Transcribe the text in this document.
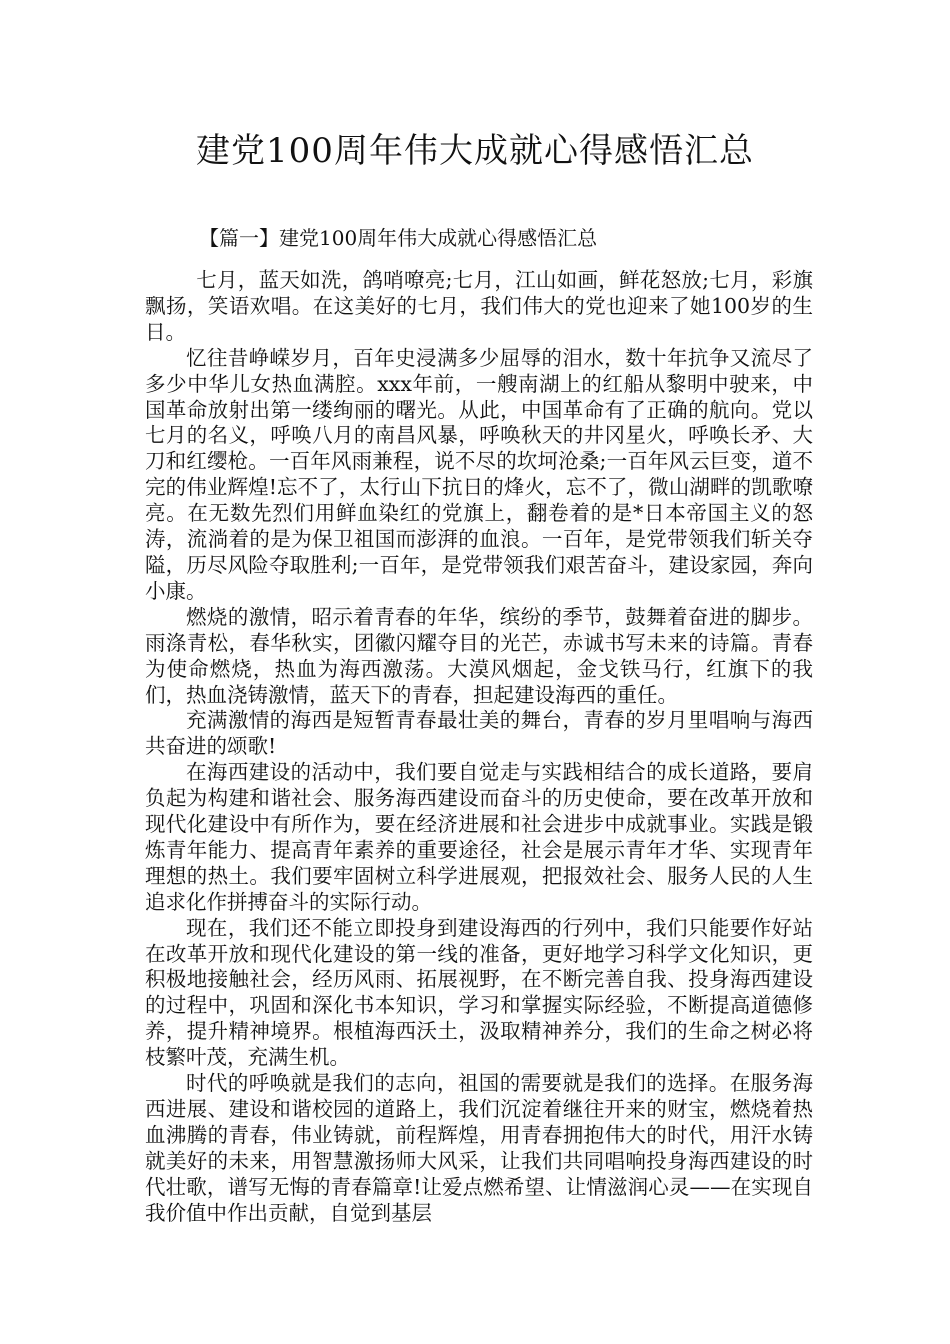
建党100周年伟大成就心得感悟汇总
【篇一】建党100周年伟大成就心得感悟汇总

七月，蓝天如洗，鸽哨嘹亮;七月，江山如画，鲜花怒放;七月，彩旗飘扬，笑语欢唱。在这美好的七月，我们伟大的党也迎来了她100岁的生日。

忆往昔峥嵘岁月，百年史浸满多少屈辱的泪水，数十年抗争又流尽了多少中华儿女热血满腔。xxx年前，一艘南湖上的红船从黎明中驶来，中国革命放射出第一缕绚丽的曙光。从此，中国革命有了正确的航向。党以七月的名义，呼唤八月的南昌风暴，呼唤秋天的井冈星火，呼唤长矛、大刀和红缨枪。一百年风雨兼程，说不尽的坎坷沧桑;一百年风云巨变，道不完的伟业辉煌!忘不了，太行山下抗日的烽火，忘不了，微山湖畔的凯歌嘹亮。在无数先烈们用鲜血染红的党旗上，翻卷着的是*日本帝国主义的怒涛，流淌着的是为保卫祖国而澎湃的血浪。一百年，是党带领我们斩关夺隘，历尽风险夺取胜利;一百年，是党带领我们艰苦奋斗，建设家园，奔向小康。

燃烧的激情，昭示着青春的年华，缤纷的季节，鼓舞着奋进的脚步。雨涤青松，春华秋实，团徽闪耀夺目的光芒，赤诚书写未来的诗篇。青春为使命燃烧，热血为海西激荡。大漠风烟起，金戈铁马行，红旗下的我们，热血浇铸激情，蓝天下的青春，担起建设海西的重任。

充满激情的海西是短暂青春最壮美的舞台，青春的岁月里唱响与海西共奋进的颂歌!

在海西建设的活动中，我们要自觉走与实践相结合的成长道路，要肩负起为构建和谐社会、服务海西建设而奋斗的历史使命，要在改革开放和现代化建设中有所作为，要在经济进展和社会进步中成就事业。实践是锻炼青年能力、提高青年素养的重要途径，社会是展示青年才华、实现青年理想的热土。我们要牢固树立科学进展观，把报效社会、服务人民的人生追求化作拼搏奋斗的实际行动。

现在，我们还不能立即投身到建设海西的行列中，我们只能要作好站在改革开放和现代化建设的第一线的准备，更好地学习科学文化知识，更积极地接触社会，经历风雨、拓展视野，在不断完善自我、投身海西建设的过程中，巩固和深化书本知识，学习和掌握实际经验，不断提高道德修养，提升精神境界。根植海西沃土，汲取精神养分，我们的生命之树必将枝繁叶茂，充满生机。

时代的呼唤就是我们的志向，祖国的需要就是我们的选择。在服务海西进展、建设和谐校园的道路上，我们沉淀着继往开来的财宝，燃烧着热血沸腾的青春，伟业铸就，前程辉煌，用青春拥抱伟大的时代，用汗水铸就美好的未来，用智慧激扬师大风采，让我们共同唱响投身海西建设的时代壮歌，谱写无悔的青春篇章!让爱点燃希望、让情滋润心灵——在实现自我价值中作出贡献，自觉到基层
